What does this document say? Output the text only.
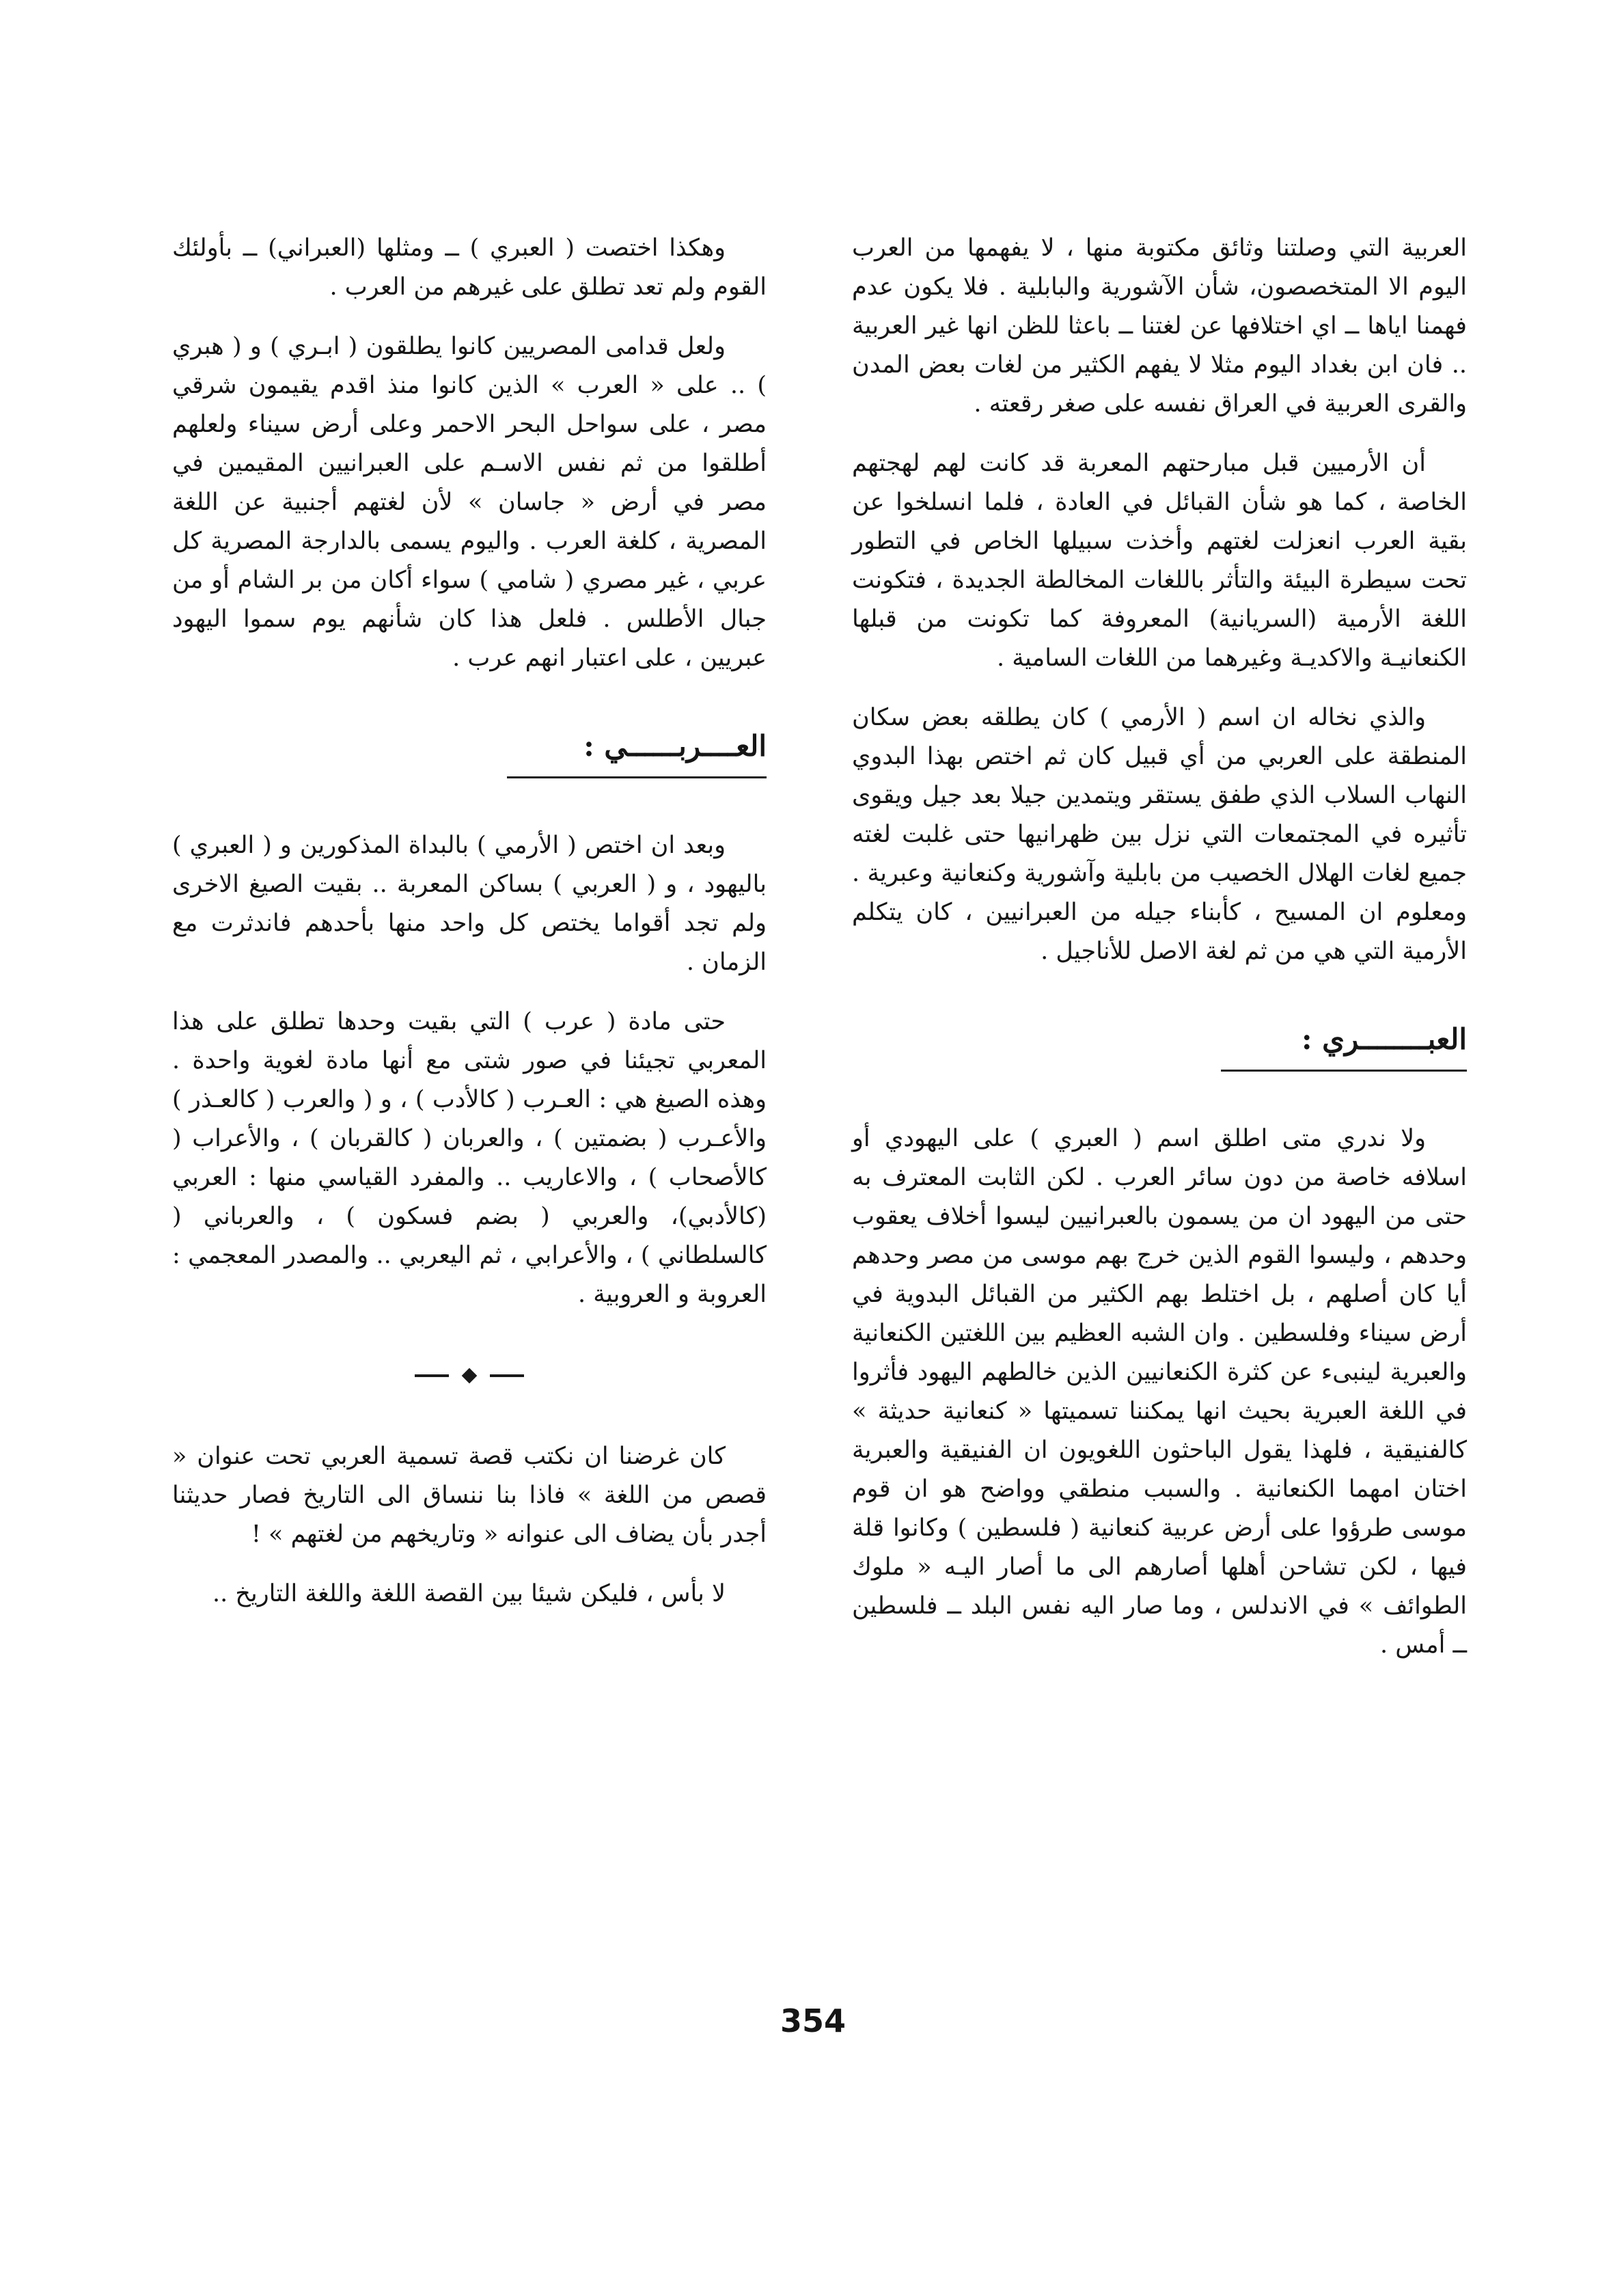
العربية التي وصلتنا وثائق مكتوبة منها ، لا يفهمها من العرب اليوم الا المتخصصون، شأن الآشورية والبابلية . فلا يكون عدم فهمنا اياها ــ اي اختلافها عن لغتنا ــ باعثا للظن انها غير العربية .. فان ابن بغداد اليوم مثلا لا يفهم الكثير من لغات بعض المدن والقرى العربية في العراق نفسه على صغر رقعته .

أن الأرميين قبل مبارحتهم المعربة قد كانت لهم لهجتهم الخاصة ، كما هو شأن القبائل في العادة ، فلما انسلخوا عن بقية العرب انعزلت لغتهم وأخذت سبيلها الخاص في التطور تحت سيطرة البيئة والتأثر باللغات المخالطة الجديدة ، فتكونت اللغة الأرمية (السريانية) المعروفة كما تكونت من قبلها الكنعانيـة والاكديـة وغيرهما من اللغات السامية .

والذي نخاله ان اسم ( الأرمي ) كان يطلقه بعض سكان المنطقة على العربي من أي قبيل كان ثم اختص بهذا البدوي النهاب السلاب الذي طفق يستقر ويتمدين جيلا بعد جيل ويقوى تأثيره في المجتمعات التي نزل بين ظهرانيها حتى غلبت لغته جميع لغات الهلال الخصيب من بابلية وآشورية وكنعانية وعبرية . ومعلوم ان المسيح ، كأبناء جيله من العبرانيين ، كان يتكلم الأرمية التي هي من ثم لغة الاصل للأناجيل .

العبــــــــري :

ولا ندري متى اطلق اسم ( العبري ) على اليهودي أو اسلافه خاصة من دون سائر العرب . لكن الثابت المعترف به حتى من اليهود ان من يسمون بالعبرانيين ليسوا أخلاف يعقوب وحدهم ، وليسوا القوم الذين خرج بهم موسى من مصر وحدهم أيا كان أصلهم ، بل اختلط بهم الكثير من القبائل البدوية في أرض سيناء وفلسطين . وان الشبه العظيم بين اللغتين الكنعانية والعبرية لينبىء عن كثرة الكنعانيين الذين خالطهم اليهود فأثروا في اللغة العبرية بحيث انها يمكننا تسميتها « كنعانية حديثة » كالفنيقية ، فلهذا يقول الباحثون اللغويون ان الفنيقية والعبرية اختان امهما الكنعانية . والسبب منطقي وواضح هو ان قوم موسى طرؤوا على أرض عربية كنعانية ( فلسطين ) وكانوا قلة فيها ، لكن تشاحن أهلها أصارهم الى ما أصار اليـه « ملوك الطوائف » في الاندلس ، وما صار اليه نفس البلد ــ فلسطين ــ أمس .

وهكذا اختصت ( العبري ) ــ ومثلها (العبراني) ــ بأولئك القوم ولم تعد تطلق على غيرهم من العرب .

ولعل قدامى المصريين كانوا يطلقون ( ابـري ) و ( هبري ) .. على « العرب » الذين كانوا منذ اقدم يقيمون شرقي مصر ، على سواحل البحر الاحمر وعلى أرض سيناء ولعلهم أطلقوا من ثم نفس الاسـم على العبرانيين المقيمين في مصر في أرض « جاسان » لأن لغتهم أجنبية عن اللغة المصرية ، كلغة العرب . واليوم يسمى بالدارجة المصرية كل عربي ، غير مصري ( شامي ) سواء أكان من بر الشام أو من جبال الأطلس . فلعل هذا كان شأنهم يوم سموا اليهود عبريين ، على اعتبار انهم عرب .

العــــربــــــي :

وبعد ان اختص ( الأرمي ) بالبداة المذكورين و ( العبري ) باليهود ، و ( العربي ) بساكن المعربة .. بقيت الصيغ الاخرى ولم تجد أقواما يختص كل واحد منها بأحدهم فاندثرت مع الزمان .

حتى مادة ( عرب ) التي بقيت وحدها تطلق على هذا المعربي تجيئنا في صور شتى مع أنها مادة لغوية واحدة . وهذه الصيغ هي : العـرب ( كالأدب ) ، و ( والعرب ( كالعـذر ) والأعـرب ( بضمتين ) ، والعربان ( كالقربان ) ، والأعراب ( كالأصحاب ) ، والاعاريب .. والمفرد القياسي منها : العربي (كالأدبي)، والعربي ( بضم فسكون ) ، والعرباني ( كالسلطاني ) ، والأعرابي ، ثم اليعربي .. والمصدر المعجمي : العروبة و العروبية .

كان غرضنا ان نكتب قصة تسمية العربي تحت عنوان « قصص من اللغة » فاذا بنا ننساق الى التاريخ فصار حديثنا أجدر بأن يضاف الى عنوانه « وتاريخهم من لغتهم » !

لا بأس ، فليكن شيئا بين القصة اللغة واللغة التاريخ ..

354
